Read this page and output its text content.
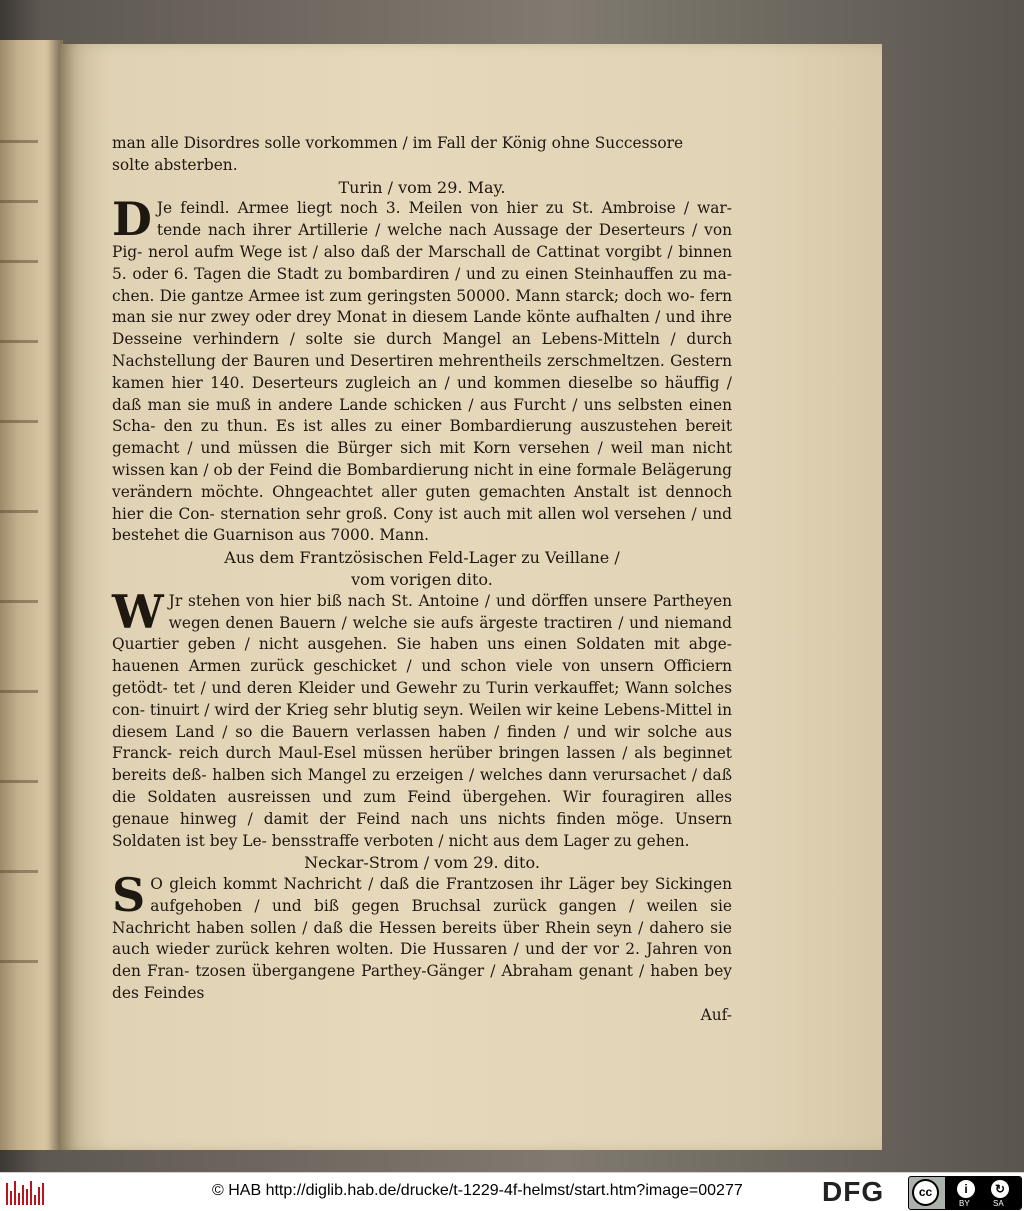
man alle Disordres solle vorkommen / im Fall der König ohne Successore

solte absterben.

Turin / vom 29. May.

D Je feindl. Armee liegt noch 3. Meilen von hier zu St. Ambroise / war- tende nach ihrer Artillerie / welche nach Aussage der Deserteurs / von Pig- nerol aufm Wege ist / also daß der Marschall de Cattinat vorgibt / binnen 5. oder 6. Tagen die Stadt zu bombardiren / und zu einen Steinhauffen zu ma- chen. Die gantze Armee ist zum geringsten 50000. Mann starck; doch wo- fern man sie nur zwey oder drey Monat in diesem Lande könte aufhalten / und ihre Desseine verhindern / solte sie durch Mangel an Lebens-Mitteln / durch Nachstellung der Bauren und Desertiren mehrentheils zerschmeltzen. Gestern kamen hier 140. Deserteurs zugleich an / und kommen dieselbe so häuffig / daß man sie muß in andere Lande schicken / aus Furcht / uns selbsten einen Scha- den zu thun. Es ist alles zu einer Bombardierung auszustehen bereit gemacht / und müssen die Bürger sich mit Korn versehen / weil man nicht wissen kan / ob der Feind die Bombardierung nicht in eine formale Belägerung verändern möchte. Ohngeachtet aller guten gemachten Anstalt ist dennoch hier die Con- sternation sehr groß. Cony ist auch mit allen wol versehen / und bestehet die Guarnison aus 7000. Mann.

Aus dem Frantzösischen Feld-Lager zu Veillane /

vom vorigen dito.

W Jr stehen von hier biß nach St. Antoine / und dörffen unsere Partheyen wegen denen Bauern / welche sie aufs ärgeste tractiren / und niemand Quartier geben / nicht ausgehen. Sie haben uns einen Soldaten mit abge- hauenen Armen zurück geschicket / und schon viele von unsern Officiern getödt- tet / und deren Kleider und Gewehr zu Turin verkauffet; Wann solches con- tinuirt / wird der Krieg sehr blutig seyn. Weilen wir keine Lebens-Mittel in diesem Land / so die Bauern verlassen haben / finden / und wir solche aus Franck- reich durch Maul-Esel müssen herüber bringen lassen / als beginnet bereits deß- halben sich Mangel zu erzeigen / welches dann verursachet / daß die Soldaten ausreissen und zum Feind übergehen. Wir fouragiren alles genaue hinweg / damit der Feind nach uns nichts finden möge. Unsern Soldaten ist bey Le- bensstraffe verboten / nicht aus dem Lager zu gehen.

Neckar-Strom / vom 29. dito.

S O gleich kommt Nachricht / daß die Frantzosen ihr Läger bey Sickingen aufgehoben / und biß gegen Bruchsal zurück gangen / weilen sie Nachricht haben sollen / daß die Hessen bereits über Rhein seyn / dahero sie auch wieder zurück kehren wolten. Die Hussaren / und der vor 2. Jahren von den Fran- tzosen übergangene Parthey-Gänger / Abraham genant / haben bey des Feindes

Auf-

© HAB http://diglib.hab.de/drucke/t-1229-4f-helmst/start.htm?image=00277	DFG	cc	i	↻
BY	SA
